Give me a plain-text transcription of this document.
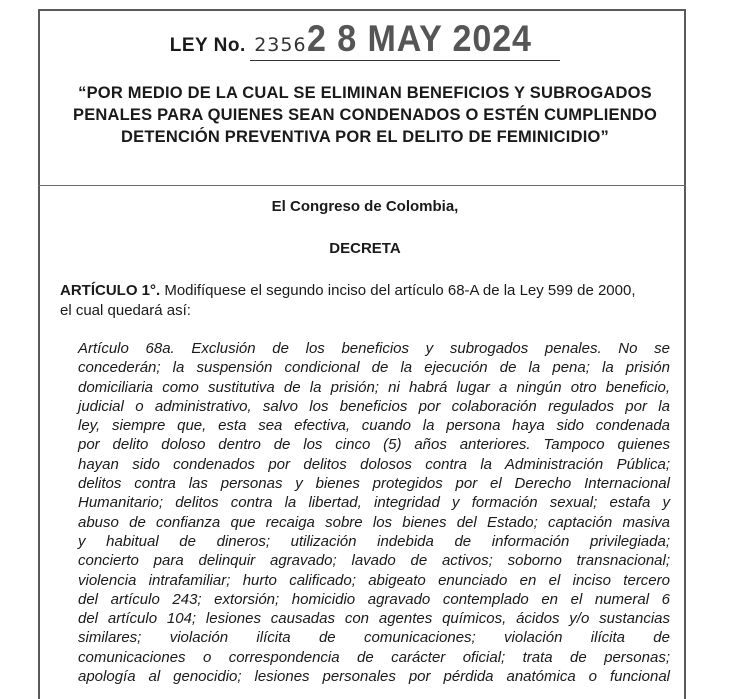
LEY No. 23562 8 MAY 2024
“POR MEDIO DE LA CUAL SE ELIMINAN BENEFICIOS Y SUBROGADOS
PENALES PARA QUIENES SEAN CONDENADOS O ESTÉN CUMPLIENDO
DETENCIÓN PREVENTIVA POR EL DELITO DE FEMINICIDIO”
El Congreso de Colombia,
DECRETA
ARTÍCULO 1°. Modifíquese el segundo inciso del artículo 68-A de la Ley 599 de 2000,
el cual quedará así:
Artículo 68a. Exclusión de los beneficios y subrogados penales. No se
concederán; la suspensión condicional de la ejecución de la pena; la prisión
domiciliaria como sustitutiva de la prisión; ni habrá lugar a ningún otro beneficio,
judicial o administrativo, salvo los beneficios por colaboración regulados por la
ley, siempre que, esta sea efectiva, cuando la persona haya sido condenada
por delito doloso dentro de los cinco (5) años anteriores. Tampoco quienes
hayan sido condenados por delitos dolosos contra la Administración Pública;
delitos contra las personas y bienes protegidos por el Derecho Internacional
Humanitario; delitos contra la libertad, integridad y formación sexual; estafa y
abuso de confianza que recaiga sobre los bienes del Estado; captación masiva
y habitual de dineros; utilización indebida de información privilegiada;
concierto para delinquir agravado; lavado de activos; soborno transnacional;
violencia intrafamiliar; hurto calificado; abigeato enunciado en el inciso tercero
del artículo 243; extorsión; homicidio agravado contemplado en el numeral 6
del artículo 104; lesiones causadas con agentes químicos, ácidos y/o sustancias
similares; violación ilícita de comunicaciones; violación ilícita de
comunicaciones o correspondencia de carácter oficial; trata de personas;
apología al genocidio; lesiones personales por pérdida anatómica o funcional
